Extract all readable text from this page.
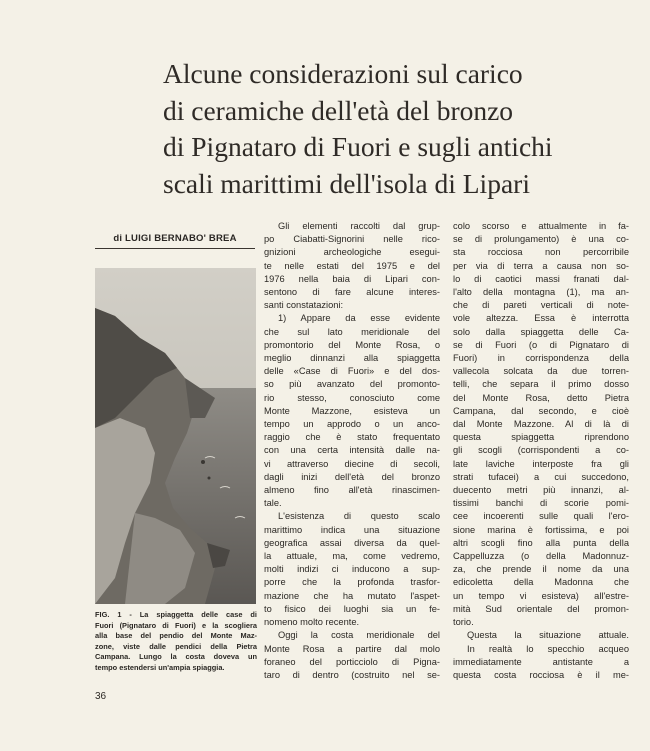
Alcune considerazioni sul carico
di ceramiche dell'età del bronzo
di Pignataro di Fuori e sugli antichi
scali marittimi dell'isola di Lipari
di LUIGI BERNABO' BREA
FIG. 1 - La spiaggetta delle case di
Fuori (Pignataro di Fuori) e la scogliera
alla base del pendio del Monte Maz-
zone, viste dalle pendici della Pietra
Campana. Lungo la costa doveva un
tempo estendersi un'ampia spiaggia.
Gli elementi raccolti dal grup-
po Ciabatti-Signorini nelle rico-
gnizioni archeologiche esegui-
te nelle estati del 1975 e del
1976 nella baia di Lipari con-
sentono di fare alcune interes-
santi constatazioni:
1) Appare da esse evidente
che sul lato meridionale del
promontorio del Monte Rosa, o
meglio dinnanzi alla spiaggetta
delle «Case di Fuori» e del dos-
so più avanzato del promonto-
rio stesso, conosciuto come
Monte Mazzone, esisteva un
tempo un approdo o un anco-
raggio che è stato frequentato
con una certa intensità dalle na-
vi attraverso diecine di secoli,
dagli inizi dell'età del bronzo
almeno fino all'età rinascimen-
tale.
L'esistenza di questo scalo
marittimo indica una situazione
geografica assai diversa da quel-
la attuale, ma, come vedremo,
molti indizi ci inducono a sup-
porre che la profonda trasfor-
mazione che ha mutato l'aspet-
to fisico dei luoghi sia un fe-
nomeno molto recente.
Oggi la costa meridionale del
Monte Rosa a partire dal molo
foraneo del porticciolo di Pigna-
taro di dentro (costruito nel se-
colo scorso e attualmente in fa-
se di prolungamento) è una co-
sta rocciosa non percorribile
per via di terra a causa non so-
lo di caotici massi franati dal-
l'alto della montagna (1), ma an-
che di pareti verticali di note-
vole altezza. Essa è interrotta
solo dalla spiaggetta delle Ca-
se di Fuori (o di Pignataro di
Fuori) in corrispondenza della
vallecola solcata da due torren-
telli, che separa il primo dosso
del Monte Rosa, detto Pietra
Campana, dal secondo, e cioè
dal Monte Mazzone. Al di là di
questa spiaggetta riprendono
gli scogli (corrispondenti a co-
late laviche interposte fra gli
strati tufacei) a cui succedono,
duecento metri più innanzi, al-
tissimi banchi di scorie pomi-
cee incoerenti sulle quali l'ero-
sione marina è fortissima, e poi
altri scogli fino alla punta della
Cappelluzza (o della Madonnuz-
za, che prende il nome da una
edicoletta della Madonna che
un tempo vi esisteva) all'estre-
mità Sud orientale del promon-
torio.
Questa la situazione attuale.
In realtà lo specchio acqueo
immediatamente antistante a
questa costa rocciosa è il me-
36
